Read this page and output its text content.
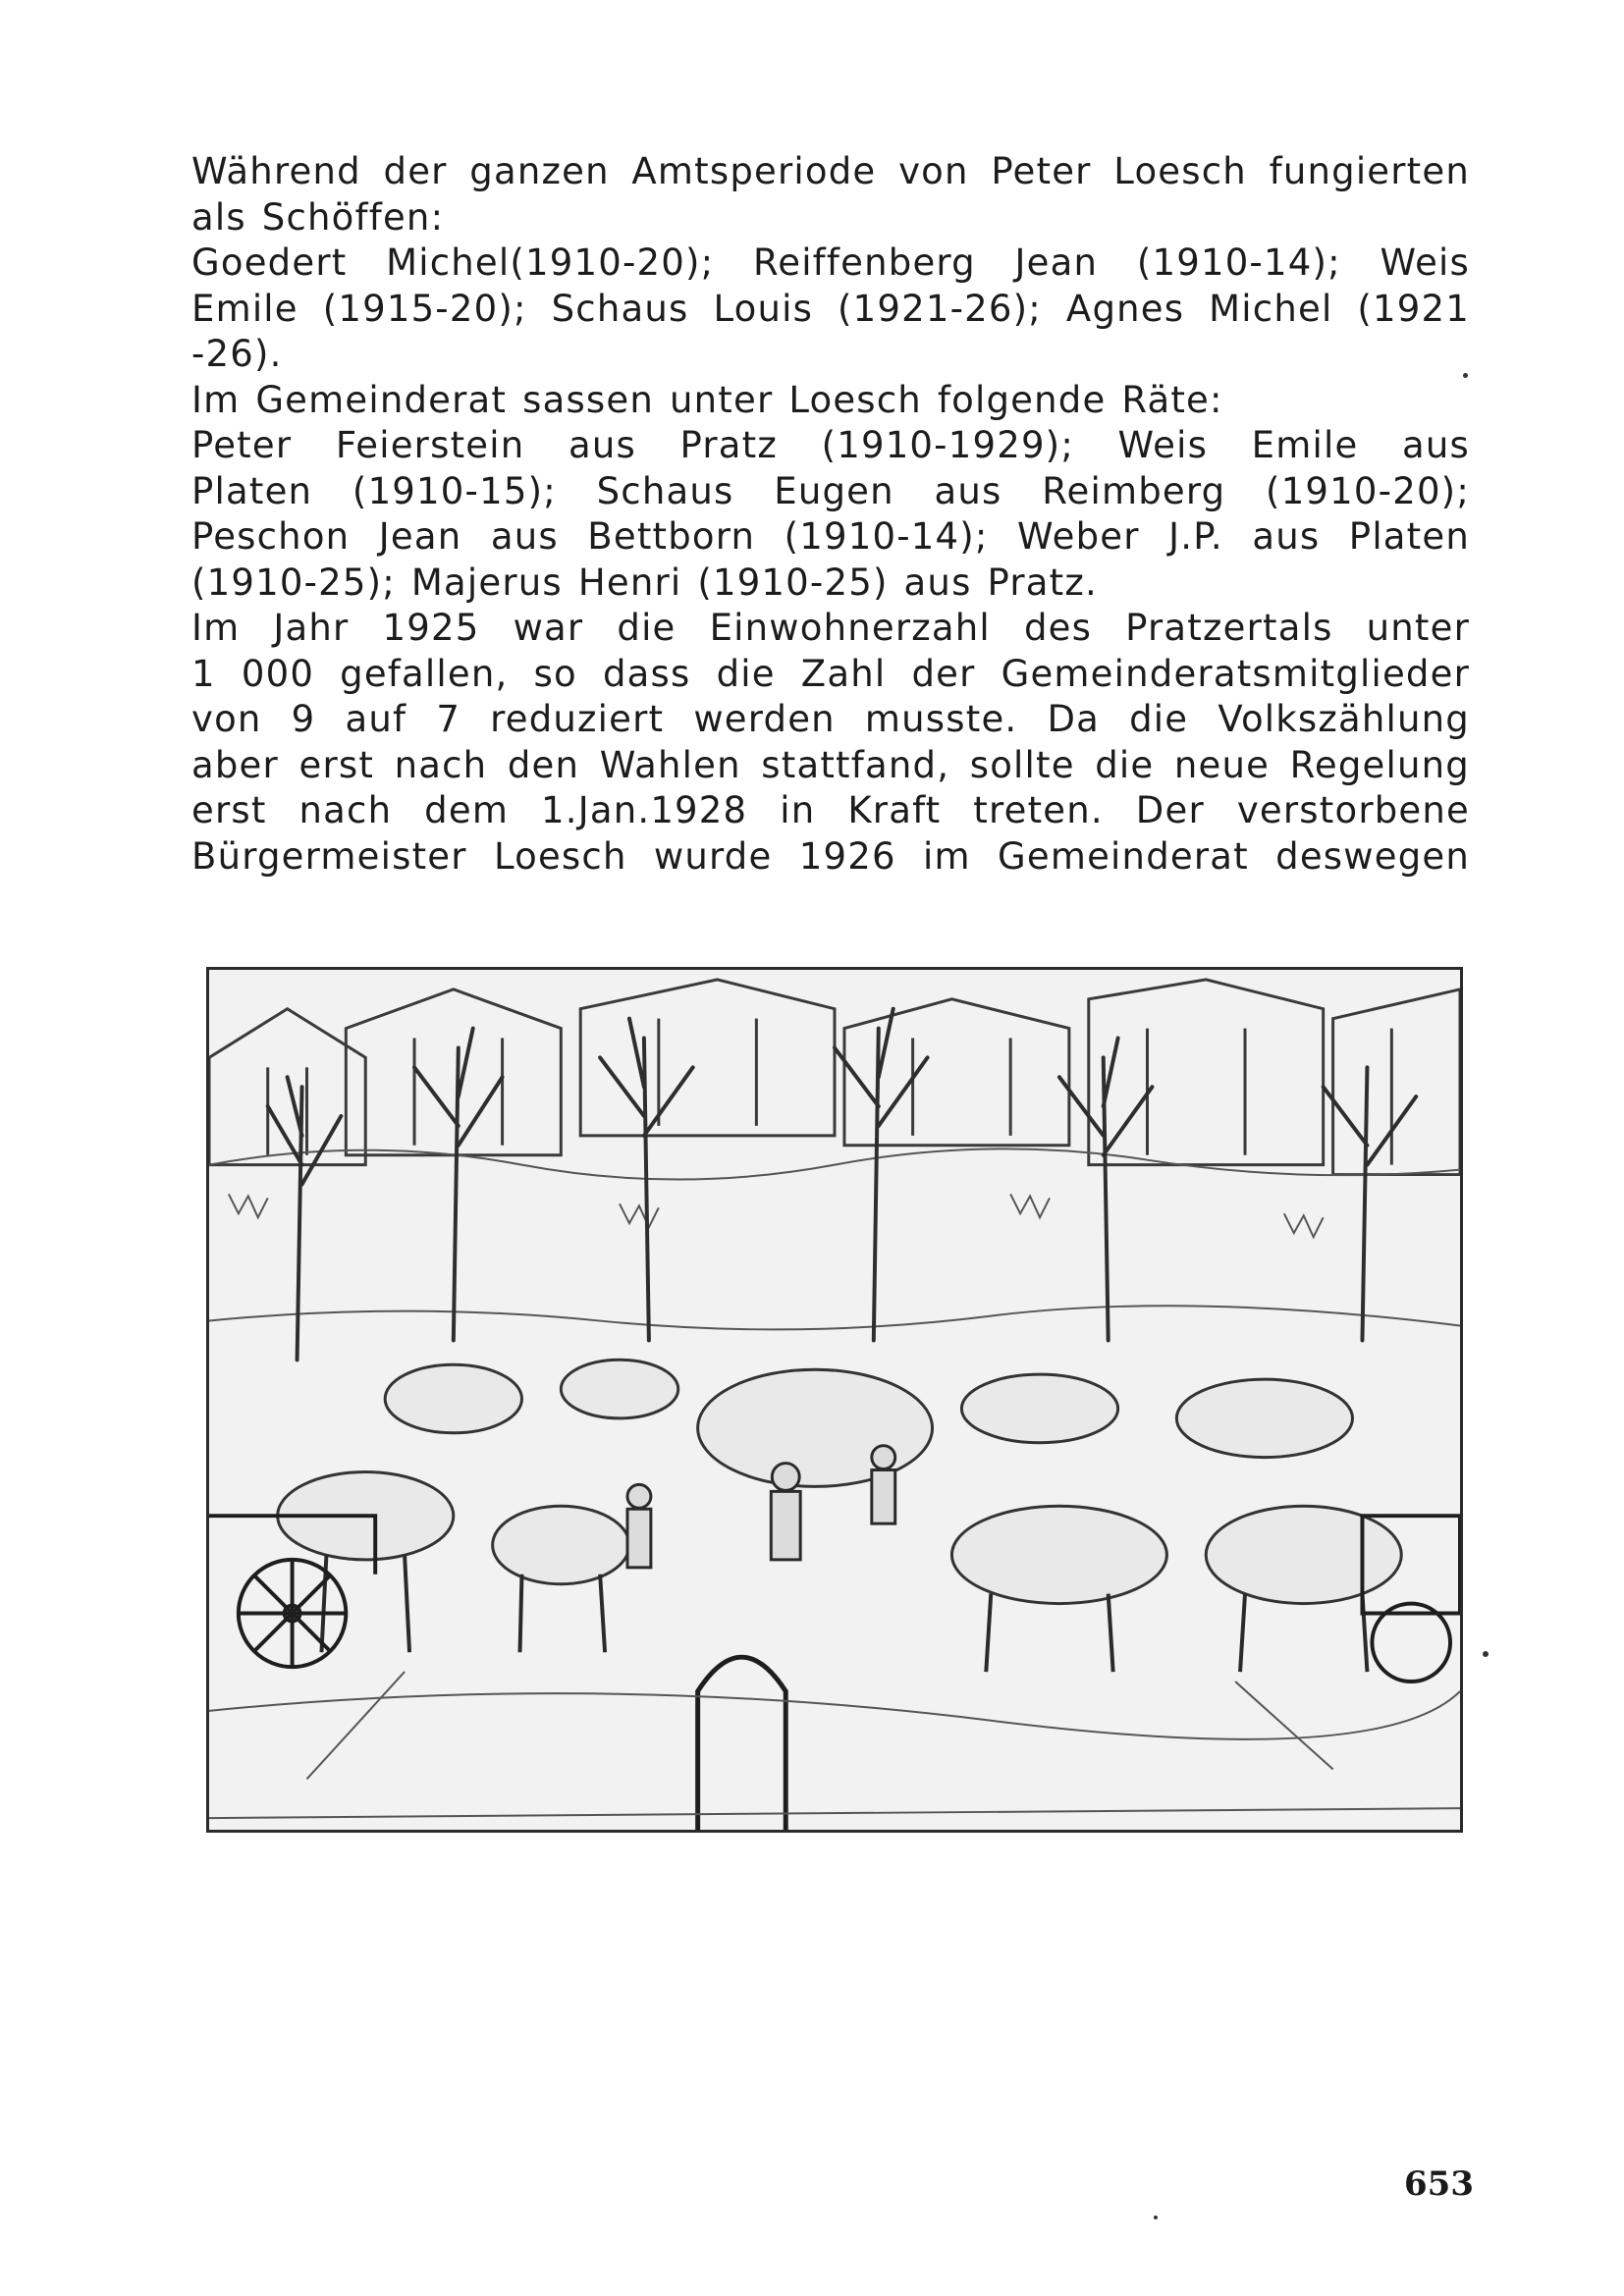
Während der ganzen Amtsperiode von Peter Loesch fungierten
als Schöffen:
Goedert Michel(1910-20); Reiffenberg Jean (1910-14); Weis
Emile (1915-20); Schaus Louis (1921-26); Agnes Michel (1921
-26).
Im Gemeinderat sassen unter Loesch folgende Räte:
Peter Feierstein aus Pratz (1910-1929); Weis Emile aus
Platen (1910-15); Schaus Eugen aus Reimberg (1910-20);
Peschon Jean aus Bettborn (1910-14); Weber J.P. aus Platen
(1910-25); Majerus Henri (1910-25) aus Pratz.
Im Jahr 1925 war die Einwohnerzahl des Pratzertals unter
1 000 gefallen, so dass die Zahl der Gemeinderatsmitglieder
von 9 auf 7 reduziert werden musste. Da die Volkszählung
aber erst nach den Wahlen stattfand, sollte die neue Regelung
erst nach dem 1.Jan.1928 in Kraft treten. Der verstorbene
Bürgermeister Loesch wurde 1926 im Gemeinderat deswegen
653
